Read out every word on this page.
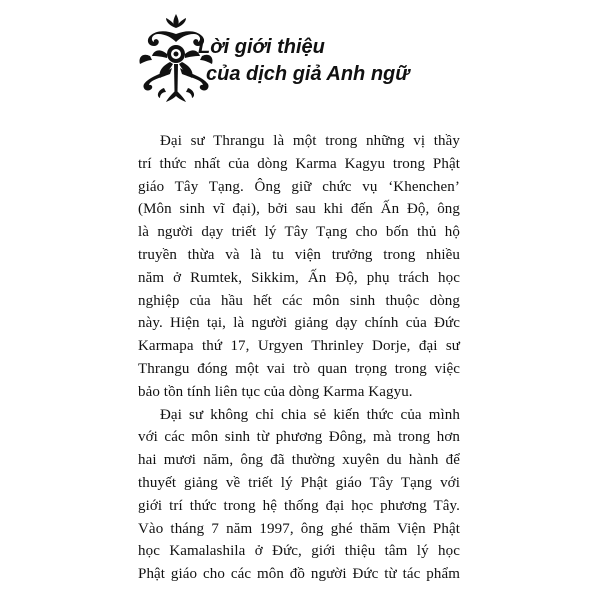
Lời giới thiệu
của dịch giả Anh ngữ
Đại sư Thrangu là một trong những vị thầy
trí thức nhất của dòng Karma Kagyu trong Phật
giáo Tây Tạng. Ông giữ chức vụ ‘Khenchen’
(Môn sinh vĩ đại), bởi sau khi đến Ấn Độ, ông
là người dạy triết lý Tây Tạng cho bốn thủ hộ
truyền thừa và là tu viện trưởng trong nhiều
năm ở Rumtek, Sikkim, Ấn Độ, phụ trách học
nghiệp của hầu hết các môn sinh thuộc dòng
này. Hiện tại, là người giảng dạy chính của Đức
Karmapa thứ 17, Urgyen Thrinley Dorje, đại sư
Thrangu đóng một vai trò quan trọng trong việc
bảo tồn tính liên tục của dòng Karma Kagyu.
Đại sư không chỉ chia sẻ kiến thức của mình
với các môn sinh từ phương Đông, mà trong hơn
hai mươi năm, ông đã thường xuyên du hành để
thuyết giảng về triết lý Phật giáo Tây Tạng với
giới trí thức trong hệ thống đại học phương Tây.
Vào tháng 7 năm 1997, ông ghé thăm Viện Phật
học Kamalashila ở Đức, giới thiệu tâm lý học
Phật giáo cho các môn đồ người Đức từ tác phẩm
